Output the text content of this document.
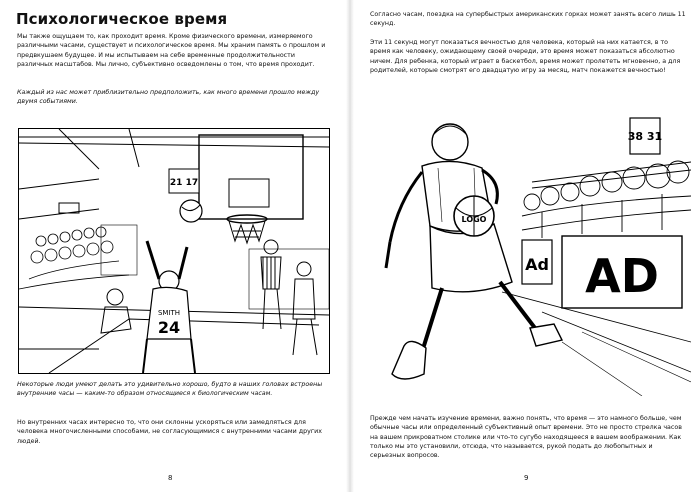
Психологическое время

Мы также ощущаем то, как проходит время. Кроме физического времени, измеряемого различными часами, существует и психологическое время. Мы храним память о прошлом и предвкушаем будущее. И мы испытываем на себе временные продолжительности различных масштабов. Мы лично, субъективно осведомлены о том, что время проходит.

Каждый из нас может приблизительно предположить, как много времени прошло между двумя событиями.

21 17
SMITH
24

Некоторые люди умеют делать это удивительно хорошо, будто в наших головах встроены внутренние часы — каким-то образом относящиеся к биологическим часам.

Но внутренних часах интересно то, что они склонны ускоряться или замедляться для человека многочисленными способами, не согласующимися с внутренними часами других людей.

8

Согласно часам, поездка на супербыстрых американских горках может занять всего лишь 11 секунд.

Эти 11 секунд могут показаться вечностью для человека, который на них катается, в то время как человеку, ожидающему своей очереди, это время может показаться абсолютно ничем. Для ребенка, который играет в баскетбол, время может пролететь мгновенно, а для родителей, которые смотрят его двадцатую игру за месяц, матч покажется вечностью!

38 31
LOGO
Ad AD

Прежде чем начать изучение времени, важно понять, что время — это намного больше, чем обычные часы или определенный субъективный опыт времени. Это не просто стрелка часов на вашем прикроватном столике или что-то сугубо находящееся в вашем воображении. Как только мы это установили, отсюда, что называется, рукой подать до любопытных и серьезных вопросов.

9
